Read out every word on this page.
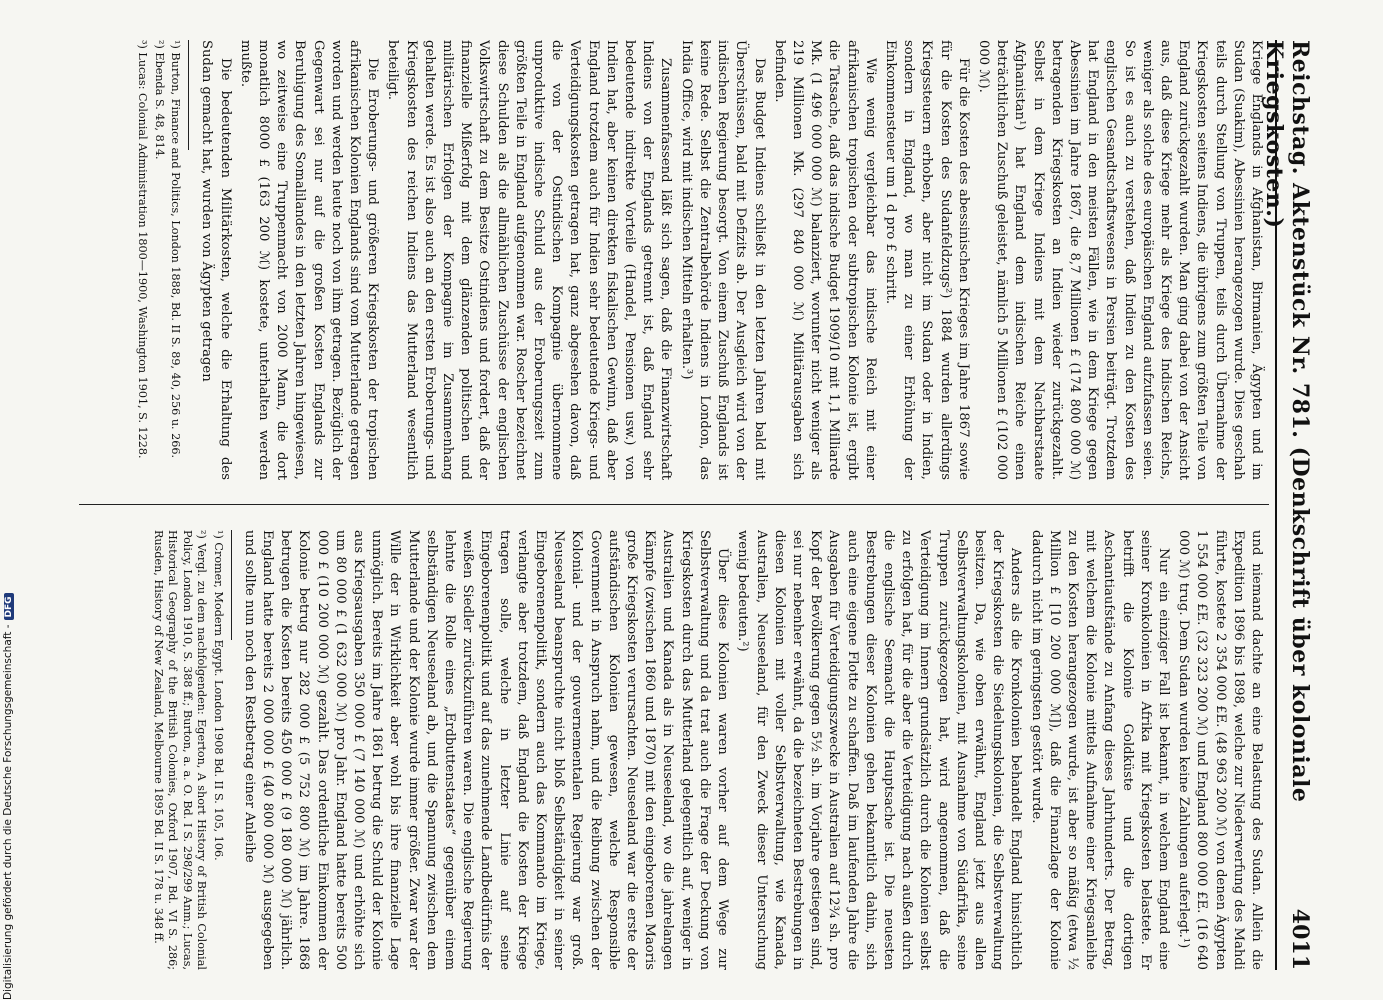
Reichstag. Aktenstück Nr. 781. (Denkschrift über koloniale Kriegskosten.)
4011

Kriege Englands in Afghanistan, Birmanien, Ägypten und im Sudan (Suakim), Abessinien herangezogen wurde. Dies geschah teils durch Stellung von Truppen, teils durch Übernahme der Kriegskosten seitens Indiens, die übrigens zum größten Teile von England zurückgezahlt wurden. Man ging dabei von der Ansicht aus, daß diese Kriege mehr als Kriege des Indischen Reichs, weniger als solche des europäischen England aufzufassen seien. So ist es auch zu verstehen, daß Indien zu den Kosten des englischen Gesandtschaftswesens in Persien beiträgt. Trotzdem hat England in den meisten Fällen, wie in dem Kriege gegen Abessinien im Jahre 1867, die 8,7 Millionen £ (174 800 000 ℳ) betragenden Kriegskosten an Indien wieder zurückgezahlt. Selbst in dem Kriege Indiens mit dem Nachbarstaate Afghanistan¹) hat England dem indischen Reiche einen beträchtlichen Zuschuß geleistet, nämlich 5 Millionen £ (102 000 000 ℳ).

Für die Kosten des abessinischen Krieges im Jahre 1867 sowie für die Kosten des Sudanfeldzugs²) 1884 wurden allerdings Kriegssteuern erhoben, aber nicht im Sudan oder in Indien, sondern in England, wo man zu einer Erhöhung der Einkommensteuer um 1 d pro £ schritt.

Wie wenig vergleichbar das indische Reich mit einer afrikanischen tropischen oder subtropischen Kolonie ist, ergibt die Tatsache, daß das indische Budget 1909/10 mit 1,1 Milliarde Mk. (1 496 000 000 ℳ) balanziert, worunter nicht weniger als 219 Millionen Mk. (297 840 000 ℳ) Militärausgaben sich befinden.

Das Budget Indiens schließt in den letzten Jahren bald mit Überschüssen, bald mit Defizits ab. Der Ausgleich wird von der indischen Regierung besorgt. Von einem Zuschuß Englands ist keine Rede. Selbst die Zentralbehörde Indiens in London, das India Office, wird mit indischen Mitteln erhalten.³)

Zusammenfassend läßt sich sagen, daß die Finanzwirtschaft Indiens von der Englands getrennt ist, daß England sehr bedeutende indirekte Vorteile (Handel, Pensionen usw.) von Indien hat, aber keinen direkten fiskalischen Gewinn, daß aber England trotzdem auch für Indien sehr bedeutende Kriegs- und Verteidigungskosten getragen hat, ganz abgesehen davon, daß die von der Ostindischen Kompagnie übernommene unproduktive indische Schuld aus der Eroberungszeit zum größten Teile in England aufgenommen war. Roscher bezeichnet diese Schulden als die allmählichen Zuschüsse der englischen Volkswirtschaft zu dem Besitze Ostindiens und fordert, daß der finanzielle Mißerfolg mit dem glänzenden politischen und militärischen Erfolgen der Kompagnie im Zusammenhang gehalten werde. Es ist also auch an den ersten Eroberungs- und Kriegskosten des reichen Indiens das Mutterland wesentlich beteiligt.

Die Eroberungs- und größeren Kriegskosten der tropischen afrikanischen Kolonien Englands sind vom Mutterlande getragen worden und werden heute noch von ihm getragen. Bezüglich der Gegenwart sei nur auf die großen Kosten Englands zur Beruhigung des Somalilandes in den letzten Jahren hingewiesen, wo zeitweise eine Truppenmacht von 2000 Mann, die dort monatlich 8000 £ (163 200 ℳ) kostete, unterhalten werden mußte.

Die bedeutenden Militärkosten, welche die Erhaltung des Sudan gemacht hat, wurden von Ägypten getragen

¹) Burton, Finance and Politics, London 1888, Bd. II S. 89, 40, 256 u. 266.

²) Ebenda S. 48, 814.

³) Lucas: Colonial Administration 1800—1900, Washington 1901, S. 1228.

und niemand dachte an eine Belastung des Sudan. Allein die Expedition 1896 bis 1898, welche zur Niederwerfung des Mahdi führte, kostete 2 354 000 £E. (48 963 200 ℳ) von denen Ägypten 1 554 000 £E. (32 323 200 ℳ) und England 800 000 £E. (16 640 000 ℳ) trug. Dem Sudan wurden keine Zahlungen auferlegt.¹)

Nur ein einziger Fall ist bekannt, in welchem England eine seiner Kronkolonien in Afrika mit Kriegskosten belastete. Er betrifft die Kolonie Goldküste und die dortigen Aschantiaufstände zu Anfang dieses Jahrhunderts. Der Betrag, mit welchem die Kolonie mittels Aufnahme einer Kriegsanleihe zu den Kosten herangezogen wurde, ist aber so mäßig (etwa ½ Million £ [10 200 000 ℳ]), daß die Finanzlage der Kolonie dadurch nicht im geringsten gestört wurde.

Anders als die Kronkolonien behandelt England hinsichtlich der Kriegskosten die Siedelungskolonien, die Selbstverwaltung besitzen. Da, wie oben erwähnt, England jetzt aus allen Selbstverwaltungskolonien, mit Ausnahme von Südafrika, seine Truppen zurückgezogen hat, wird angenommen, daß die Verteidigung im Innern grundsätzlich durch die Kolonien selbst zu erfolgen hat, für die aber die Verteidigung nach außen durch die englische Seemacht die Hauptsache ist. Die neuesten Bestrebungen dieser Kolonien gehen bekanntlich dahin, sich auch eine eigene Flotte zu schaffen. Daß im laufenden Jahre die Ausgaben für Verteidigungszwecke in Australien auf 12¾ sh. pro Kopf der Bevölkerung gegen 5½ sh. im Vorjahre gestiegen sind, sei nur nebenher erwähnt, da die bezeichneten Bestrebungen in diesen Kolonien mit voller Selbstverwaltung, wie Kanada, Australien, Neuseeland, für den Zweck dieser Untersuchung wenig bedeuten.²)

Über diese Kolonien waren vorher auf dem Wege zur Selbstverwaltung und da trat auch die Frage der Deckung von Kriegskosten durch das Mutterland gelegentlich auf, weniger in Australien und Kanada als in Neuseeland, wo die jahrelangen Kämpfe (zwischen 1860 und 1870) mit den eingeborenen Maoris große Kriegskosten verursachten. Neuseeland war die erste der aufständischen Kolonien gewesen, welche Responsible Government in Anspruch nahm, und die Reibung zwischen der Kolonial- und der gouvernementalen Regierung war groß. Neuseeland beanspruchte nicht bloß Selbständigkeit in seiner Eingeborenenpolitik, sondern auch das Kommando im Kriege, verlangte aber trotzdem, daß England die Kosten der Kriege tragen solle, welche in letzter Linie auf seine Eingeborenenpolitik und auf das zunehmende Landbedürfnis der weißen Siedler zurückzuführen waren. Die englische Regierung lehnte die Rolle eines „Erdbuttenstaates“ gegenüber einem selbständigen Neuseeland ab, und die Spannung zwischen dem Mutterlande und der Kolonie wurde immer größer. Zwar war der Wille der in Wirklichkeit aber wohl bis ihre finanzielle Lage unmöglich. Bereits im Jahre 1861 betrug die Schuld der Kolonie aus Kriegsausgaben 350 000 £ (7 140 000 ℳ) und erhöhte sich um 80 000 £ (1 632 000 ℳ) pro Jahr. England hatte bereits 500 000 £ (10 200 000 ℳ) gezahlt. Das ordentliche Einkommen der Kolonie betrug nur 282 000 £ (5 752 800 ℳ) im Jahre. 1868 betrugen die Kosten bereits 450 000 £ (9 180 000 ℳ) jährlich. England hatte bereits 2 000 000 £ (40 800 000 ℳ) ausgegeben und sollte nun noch den Restbetrag einer Anleihe

¹) Cromer, Modern Egypt. London 1908 Bd. II S. 105, 106.

²) Vergl. zu dem nachfolgenden: Egerton, A short History of British Colonial Policy, London 1910, S. 388 ff.; Burton, a. a. O. Bd. I S. 298/299 Anm.; Lucas, Historical Geography of the British Colonies, Oxford 1907, Bd. VI S. 286; Rusden, History of New Zealand, Melbourne 1895 Bd. II S. 178 u. 348 ff.

Digitalisierung gefördert durch die Deutsche Forschungsgemeinschaft -DFG
